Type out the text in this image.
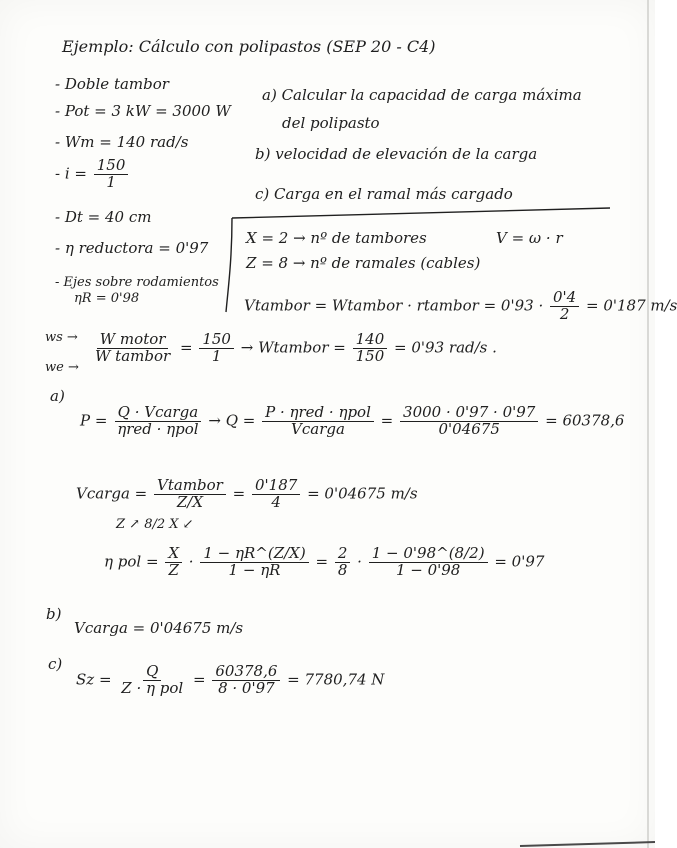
Ejemplo: Cálculo con polipastos (SEP 20 - C4)
- Doble tambor
- Pot = 3 kW = 3000 W
- Wm = 140 rad/s
- $i = \frac{150}{1}$
- Dt = 40 cm
- η reductora = 0'97
- Ejes sobre rodamientos
ηR = 0'98
a) Calcular la capacidad de carga máxima
del polipasto
b) velocidad de elevación de la carga
c) Carga en el ramal más cargado
X = 2 → nº de tambores	V = ω · r
Z = 8 → nº de ramales (cables)
Vtambor = Wtambor · rtambor = $0'93 \cdot \frac{0'4}{2} = 0'187$ m/s
ws →
we →
$\frac{\text{W motor}}{\text{W tambor}} = \frac{150}{1}$ → Wtambor = $\frac{140}{150} = 0'93$ rad/s .
a)
$P = \frac{\text{Q · Vcarga}}{\text{ηred · ηpol}} \to Q = \frac{\text{P · ηred · ηpol}}{\text{Vcarga}} = \frac{3000 \cdot 0'97 \cdot 0'97}{0'04675} = 60378,6$
Vcarga = $\frac{\text{Vtambor}}{Z/X} = \frac{0'187}{4} = 0'04675$ m/s
Z ↗ 8/2 X ↙
η pol = $\frac{X}{Z} \cdot \frac{1 - \eta R\^{}(Z/X)}{1 - \eta R} = \frac{2}{8} \cdot \frac{1 - 0'98\^{}(8/2)}{1 - 0'98} = 0'97$
b)
Vcarga = 0'04675 m/s
c)
$Sz = \frac{Q}{\text{Z · η pol}} = \frac{60378,6}{8 \cdot 0'97} = 7780,74$ N
